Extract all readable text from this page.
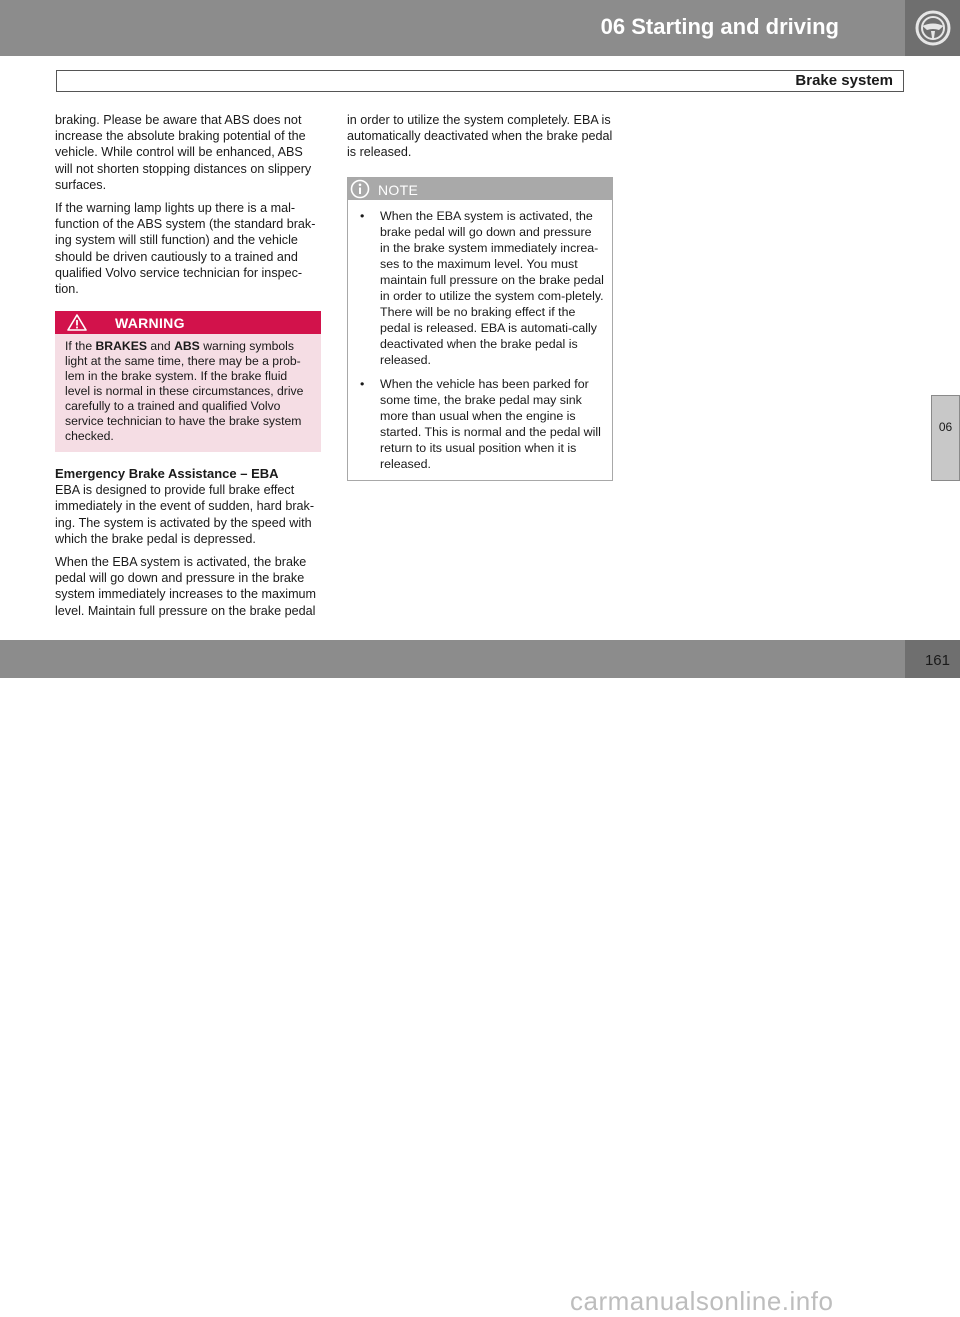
06 Starting and driving
Brake system

braking. Please be aware that ABS does not increase the absolute braking potential of the vehicle. While control will be enhanced, ABS will not shorten stopping distances on slippery surfaces.

If the warning lamp lights up there is a mal-function of the ABS system (the standard brak-ing system will still function) and the vehicle should be driven cautiously to a trained and qualified Volvo service technician for inspec-tion.

WARNING
If the BRAKES and ABS warning symbols light at the same time, there may be a prob-lem in the brake system. If the brake fluid level is normal in these circumstances, drive carefully to a trained and qualified Volvo service technician to have the brake system checked.
Emergency Brake Assistance – EBA

EBA is designed to provide full brake effect immediately in the event of sudden, hard brak-ing. The system is activated by the speed with which the brake pedal is depressed.

When the EBA system is activated, the brake pedal will go down and pressure in the brake system immediately increases to the maximum level. Maintain full pressure on the brake pedal

in order to utilize the system completely. EBA is automatically deactivated when the brake pedal is released.

NOTE
• When the EBA system is activated, the brake pedal will go down and pressure in the brake system immediately increa-ses to the maximum level. You must maintain full pressure on the brake pedal in order to utilize the system com-pletely. There will be no braking effect if the pedal is released. EBA is automati-cally deactivated when the brake pedal is released.
• When the vehicle has been parked for some time, the brake pedal may sink more than usual when the engine is started. This is normal and the pedal will return to its usual position when it is released.
06
carmanualsonline.info
161
